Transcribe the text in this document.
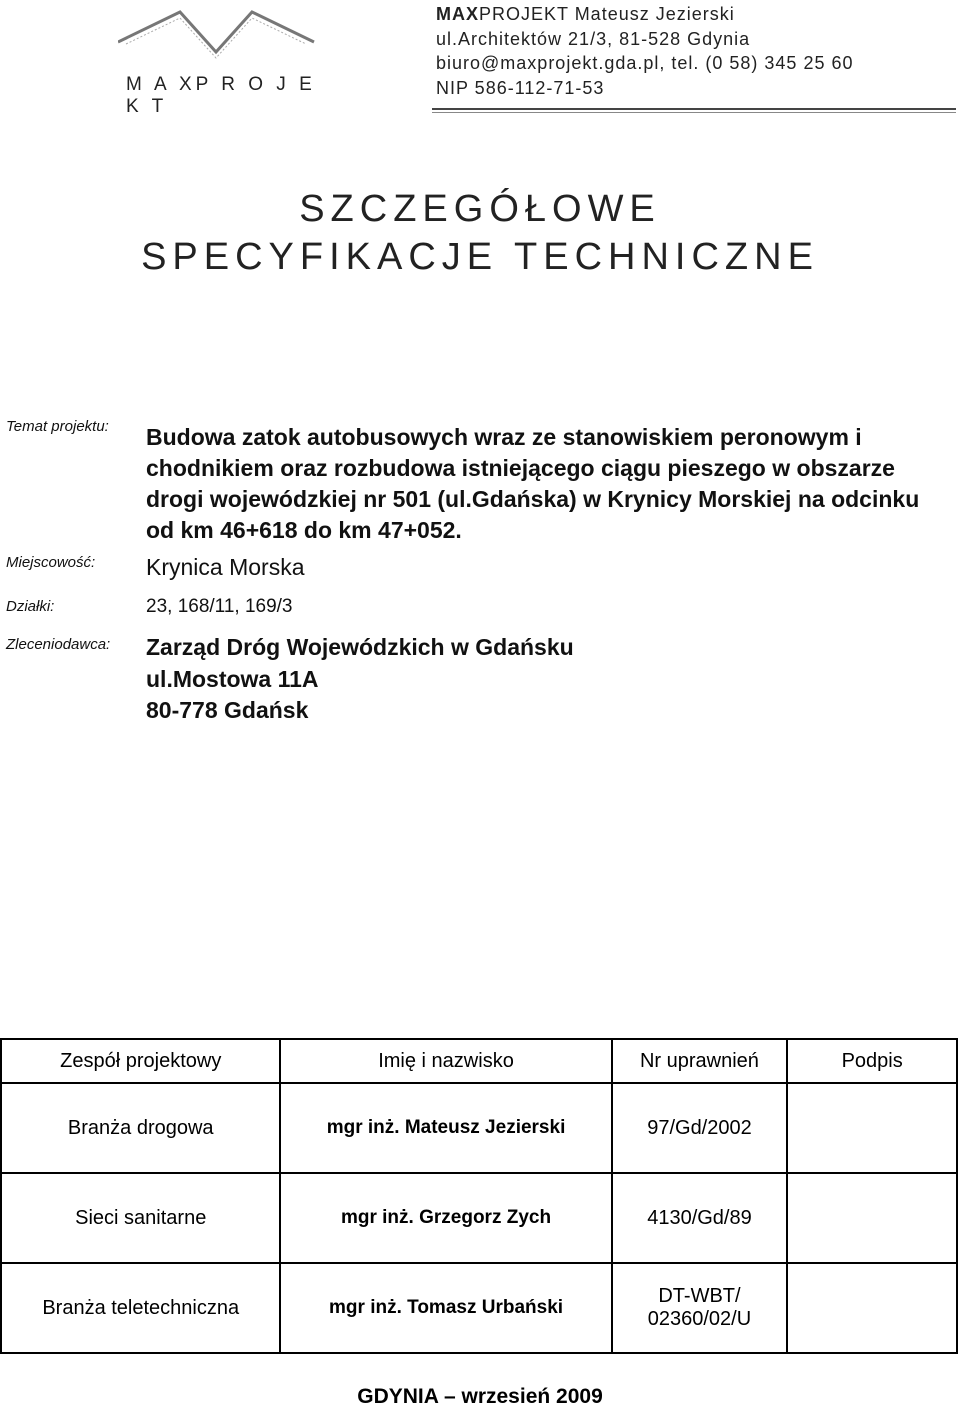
M A XP R O J E K T
MAXPROJEKT Mateusz Jezierski
ul.Architektów 21/3, 81-528 Gdynia
biuro@maxprojekt.gda.pl, tel. (0 58) 345 25 60
NIP 586-112-71-53
SZCZEGÓŁOWE
SPECYFIKACJE TECHNICZNE
Temat projektu: Budowa zatok autobusowych wraz ze stanowiskiem peronowym i chodnikiem oraz rozbudowa istniejącego ciągu pieszego w obszarze drogi wojewódzkiej nr 501 (ul.Gdańska) w Krynicy Morskiej na odcinku od km 46+618 do km 47+052.
Miejscowość: Krynica Morska
Działki:	23, 168/11, 169/3
Zleceniodawca: Zarząd Dróg Wojewódzkich w Gdańsku
ul.Mostowa 11A
80-778 Gdańsk
Zespół projektowy	Imię i nazwisko	Nr uprawnień	Podpis
Branża drogowa	mgr inż. Mateusz Jezierski	97/Gd/2002	
Sieci sanitarne	mgr inż. Grzegorz Zych	4130/Gd/89	
Branża teletechniczna	mgr inż. Tomasz Urbański	DT-WBT/
02360/02/U	

GDYNIA – wrzesień 2009
